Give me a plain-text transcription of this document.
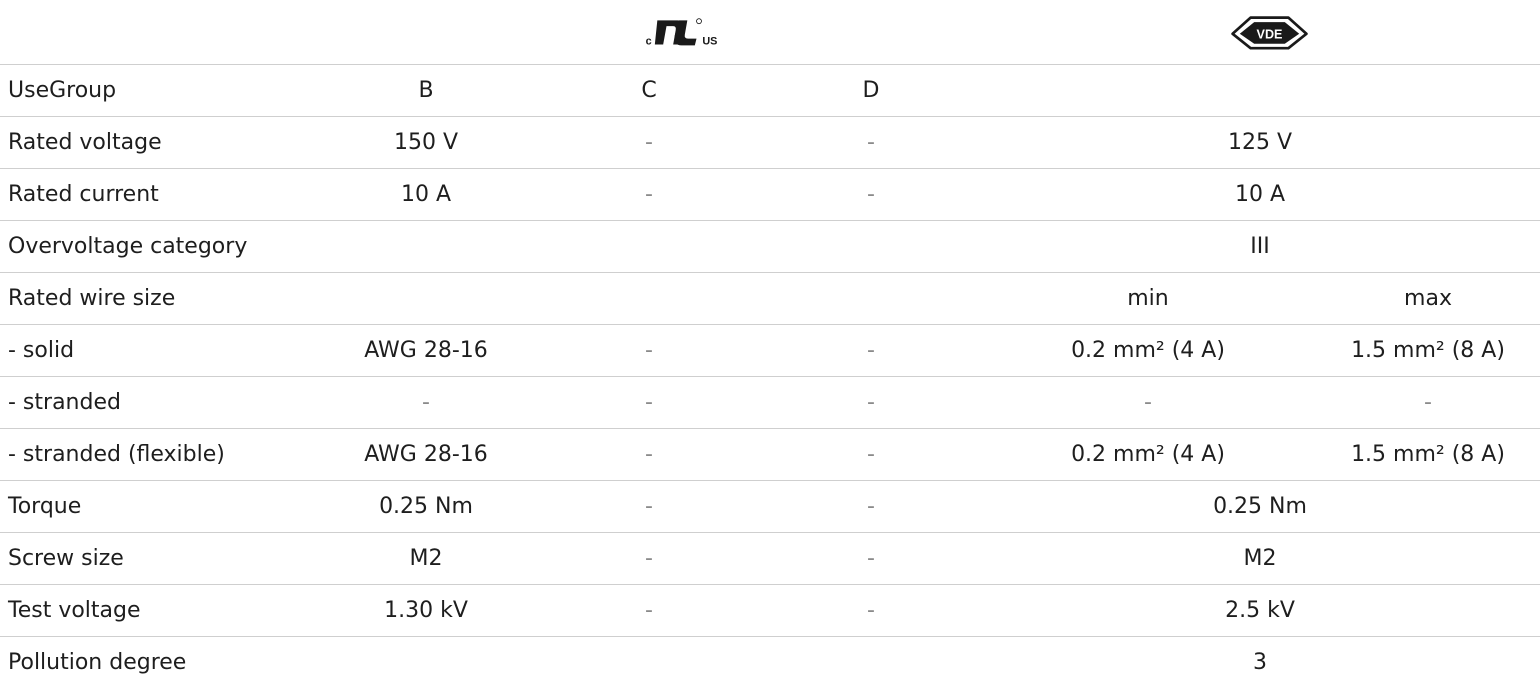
c US			VDE	

UseGroup	B	C	D		
Rated voltage	150 V	-	-	125 V	
Rated current	10 A	-	-	10 A	
Overvoltage category				III	
Rated wire size				min	max
- solid	AWG 28-16	-	-	0.2 mm² (4 A)	1.5 mm² (8 A)
- stranded	-	-	-	-	-
- stranded (flexible)	AWG 28-16	-	-	0.2 mm² (4 A)	1.5 mm² (8 A)
Torque	0.25 Nm	-	-	0.25 Nm	
Screw size	M2	-	-	M2	
Test voltage	1.30 kV	-	-	2.5 kV	
Pollution degree				3	
